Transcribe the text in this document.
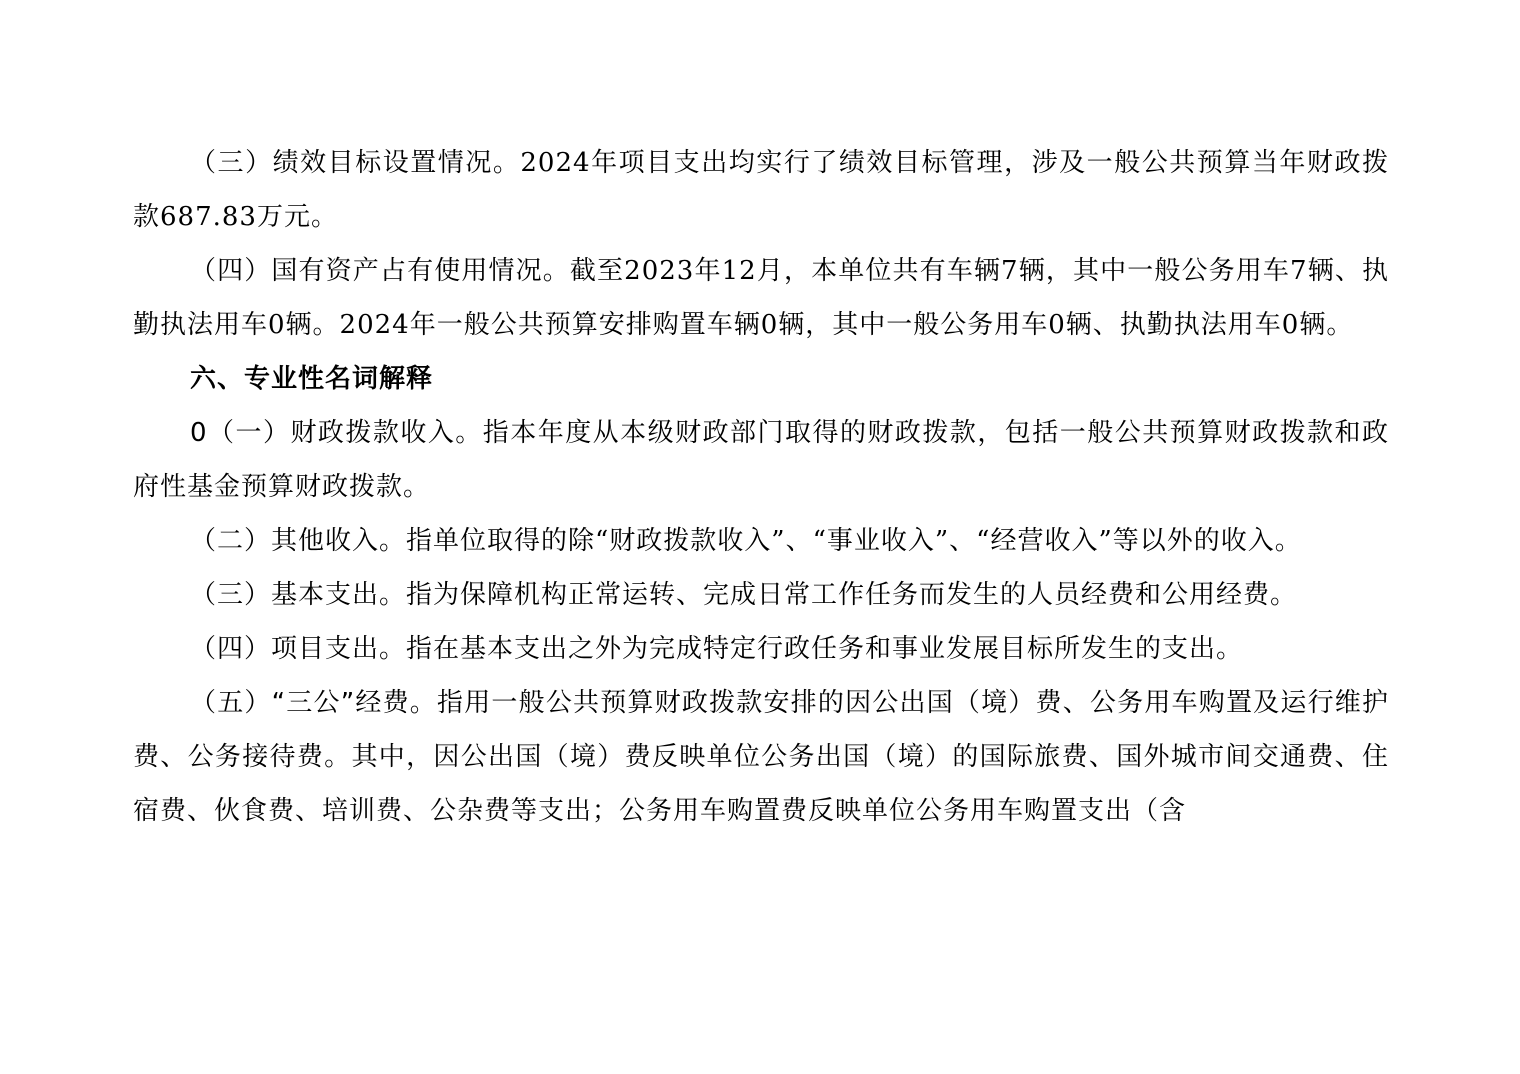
（三）绩效目标设置情况。2024年项目支出均实行了绩效目标管理，涉及一般公共预算当年财政拨款687.83万元。

（四）国有资产占有使用情况。截至2023年12月，本单位共有车辆7辆，其中一般公务用车7辆、执勤执法用车0辆。2024年一般公共预算安排购置车辆0辆，其中一般公务用车0辆、执勤执法用车0辆。

六、专业性名词解释

0（一）财政拨款收入。指本年度从本级财政部门取得的财政拨款，包括一般公共预算财政拨款和政府性基金预算财政拨款。

（二）其他收入。指单位取得的除“财政拨款收入”、“事业收入”、“经营收入”等以外的收入。

（三）基本支出。指为保障机构正常运转、完成日常工作任务而发生的人员经费和公用经费。

（四）项目支出。指在基本支出之外为完成特定行政任务和事业发展目标所发生的支出。

（五）“三公”经费。指用一般公共预算财政拨款安排的因公出国（境）费、公务用车购置及运行维护费、公务接待费。其中，因公出国（境）费反映单位公务出国（境）的国际旅费、国外城市间交通费、住宿费、伙食费、培训费、公杂费等支出；公务用车购置费反映单位公务用车购置支出（含
